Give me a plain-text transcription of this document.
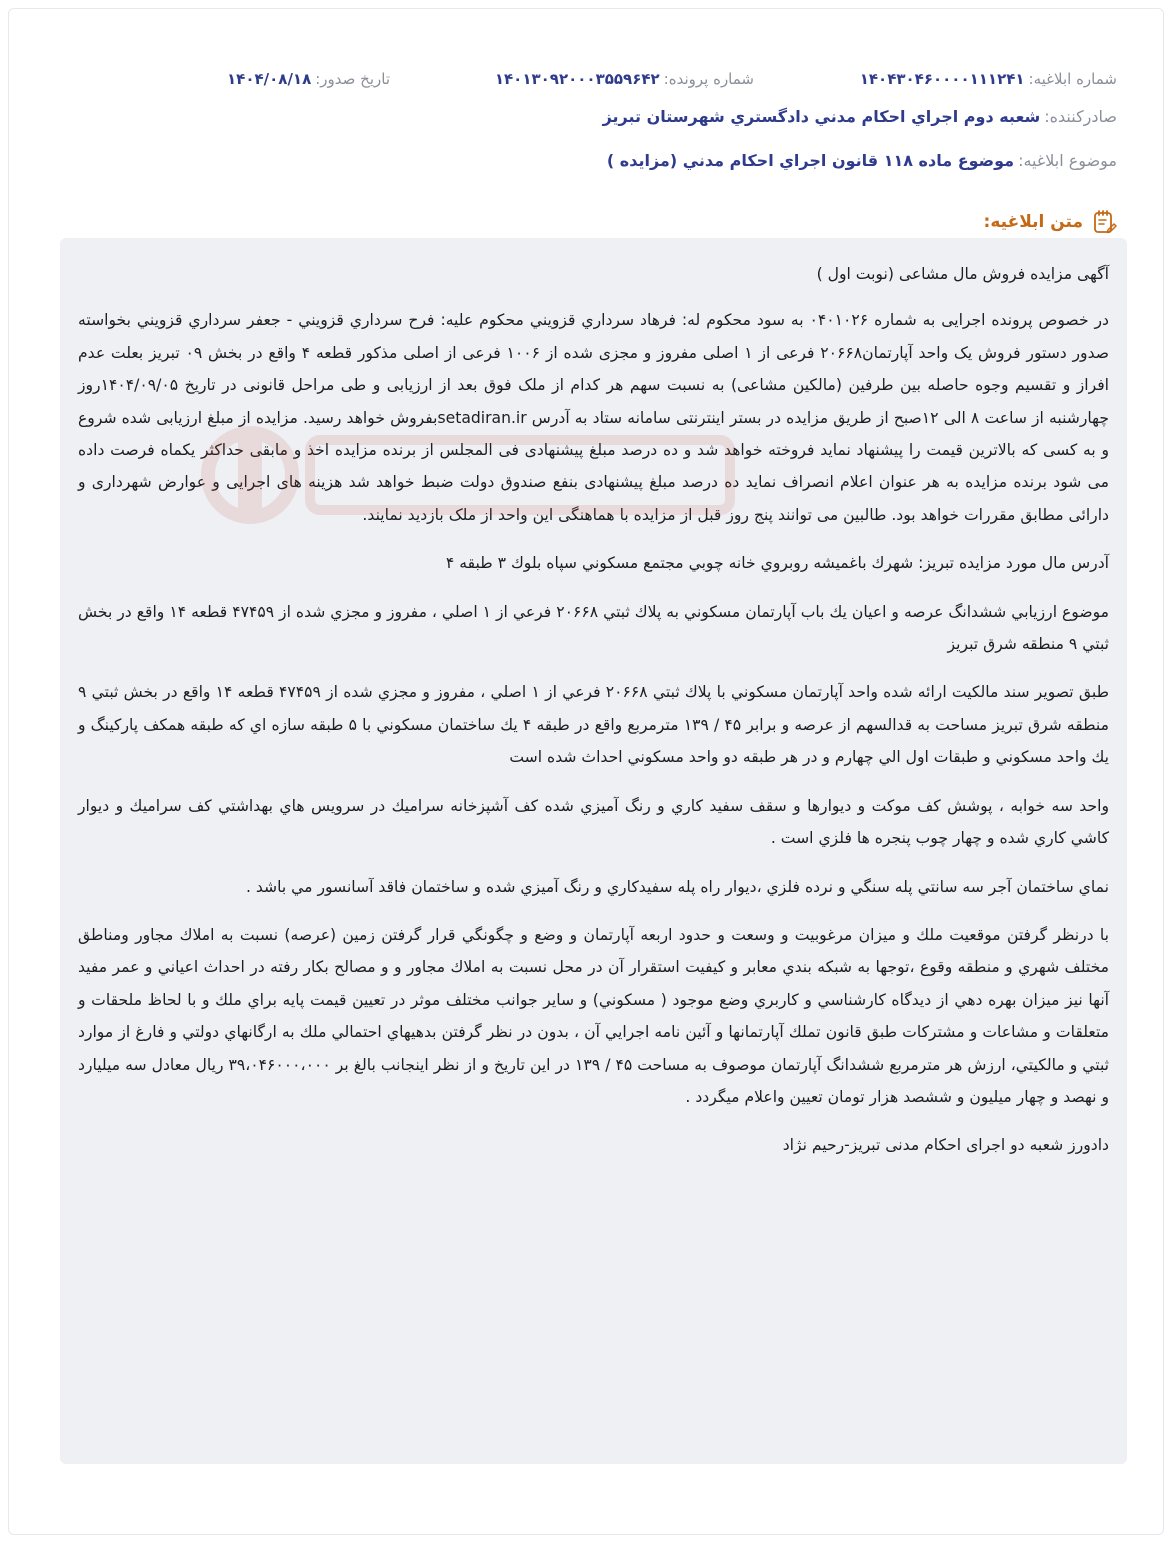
شماره ابلاغیه:
۱۴۰۴۳۰۴۶۰۰۰۰۱۱۱۲۴۱
شماره پرونده:
۱۴۰۱۳۰۹۲۰۰۰۳۵۵۹۶۴۲
تاریخ صدور:
۱۴۰۴/۰۸/۱۸
صادرکننده:
شعبه دوم اجراي احكام مدني دادگستري شهرستان تبريز
موضوع ابلاغیه:
موضوع ماده ۱۱۸ قانون اجراي احكام مدني (مزايده )
متن ابلاغیه:

آگهی مزایده فروش مال مشاعی (نوبت اول )

در خصوص پرونده اجرایی به شماره ۰۴۰۱۰۲۶ به سود محکوم له: فرهاد سرداري قزويني محکوم علیه: فرح سرداري قزويني - جعفر سرداري قزويني بخواسته صدور دستور فروش یک واحد آپارتمان۲۰۶۶۸ فرعی از ۱ اصلی مفروز و مجزی شده از ۱۰۰۶ فرعی از اصلی مذکور قطعه ۴ واقع در بخش ۰۹ تبریز بعلت عدم افراز و تقسیم وجوه حاصله بین طرفین (مالکین مشاعی) به نسبت سهم هر کدام از ملک فوق بعد از ارزیابی و طی مراحل قانونی در تاریخ ۱۴۰۴/۰۹/۰۵روز چهارشنبه از ساعت ۸ الی ۱۲صبح از طریق مزایده در بستر اینترنتی سامانه ستاد به آدرس setadiran.irبفروش خواهد رسید. مزایده از مبلغ ارزیابی شده شروع و به کسی که بالاترین قیمت را پیشنهاد نماید فروخته خواهد شد و ده درصد مبلغ پیشنهادی فی المجلس از برنده مزایده اخذ و مابقی حداکثر یکماه فرصت داده می شود برنده مزایده به هر عنوان اعلام انصراف نماید ده درصد مبلغ پیشنهادی بنفع صندوق دولت ضبط خواهد شد هزینه های اجرایی و عوارض شهرداری و دارائی مطابق مقررات خواهد بود. طالبین می توانند پنج روز قبل از مزایده با هماهنگی این واحد از ملک بازدید نمایند.

آدرس مال مورد مزایده تبریز: شهرك باغميشه روبروي خانه چوبي مجتمع مسكوني سپاه بلوك ۳ طبقه ۴

موضوع ارزيابي ششدانگ عرصه و اعيان يك باب آپارتمان مسكوني به پلاك ثبتي ۲۰۶۶۸ فرعي از ۱ اصلي ، مفروز و مجزي شده از ۴۷۴۵۹ قطعه ۱۴ واقع در بخش ثبتي ۹ منطقه شرق تبريز

طبق تصوير سند مالكيت ارائه شده واحد آپارتمان مسكوني با پلاك ثبتي ۲۰۶۶۸ فرعي از ۱ اصلي ، مفروز و مجزي شده از ۴۷۴۵۹ قطعه ۱۴ واقع در بخش ثبتي ۹ منطقه شرق تبريز مساحت به قدالسهم از عرصه و برابر ۴۵ / ۱۳۹ مترمربع واقع در طبقه ۴ يك ساختمان مسكوني با ۵ طبقه سازه اي كه طبقه همكف پاركينگ و يك واحد مسكوني و طبقات اول الي چهارم و در هر طبقه دو واحد مسكوني احداث شده است

واحد سه خوابه ، پوشش كف موكت و ديوارها و سقف سفيد كاري و رنگ آميزي شده كف آشپزخانه سراميك در سرويس هاي بهداشتي كف سراميك و ديوار كاشي كاري شده و چهار چوب پنجره ها فلزي است .

نماي ساختمان آجر سه سانتي پله سنگي و نرده فلزي ،ديوار راه پله سفيدكاري و رنگ آميزي شده و ساختمان فاقد آسانسور مي باشد .

با درنظر گرفتن موقعيت ملك و ميزان مرغوبيت و وسعت و حدود اربعه آپارتمان و وضع و چگونگي قرار گرفتن زمين (عرصه) نسبت به املاك مجاور ومناطق مختلف شهري و منطقه وقوع ،توجها به شبكه بندي معابر و كيفيت استقرار آن در محل نسبت به املاك مجاور و و مصالح بكار رفته در احداث اعياني و عمر مفيد آنها نيز ميزان بهره دهي از ديدگاه كارشناسي و كاربري وضع موجود ( مسكوني) و ساير جوانب مختلف موثر در تعيين قيمت پايه براي ملك و با لحاظ ملحقات و متعلقات و مشاعات و مشتركات طبق قانون تملك آپارتمانها و آئين نامه اجرايي آن ، بدون در نظر گرفتن بدهيهاي احتمالي ملك به ارگانهاي دولتي و فارغ از موارد ثبتي و مالكيتي، ارزش هر مترمربع ششدانگ آپارتمان موصوف به مساحت ۴۵ / ۱۳۹ در اين تاريخ و از نظر اينجانب بالغ بر ۳۹،۰۴۶۰۰۰،۰۰۰ ريال معادل سه ميليارد و نهصد و چهار ميليون و ششصد هزار تومان تعيين واعلام ميگردد .

دادورز شعبه دو اجرای احکام مدنی تبریز-رحیم نژاد
